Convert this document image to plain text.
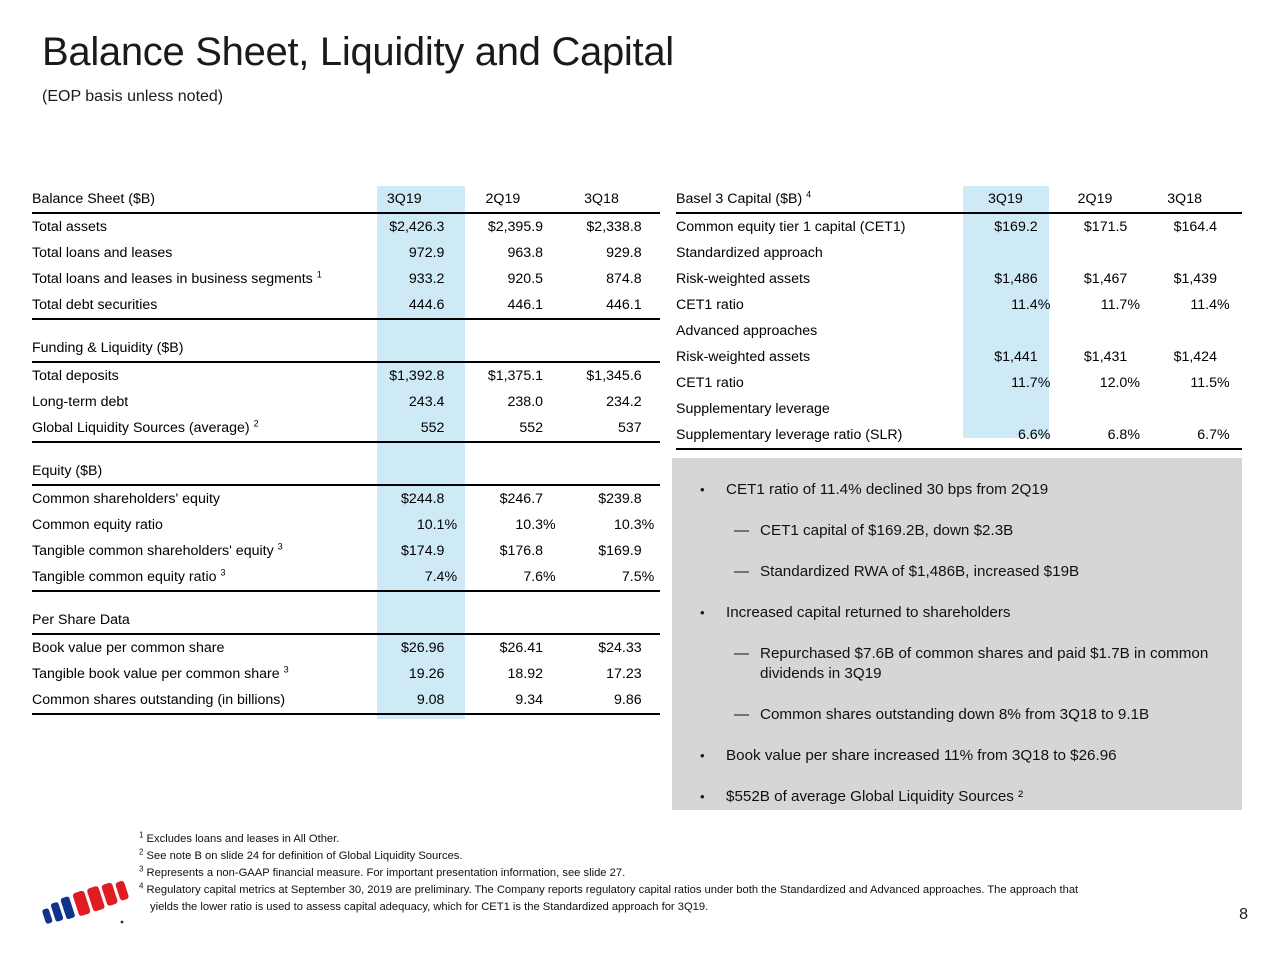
Balance Sheet, Liquidity and Capital
(EOP basis unless noted)
Balance Sheet ($B)	3Q19		2Q19		3Q18	
Total assets	$2,426.3		$2,395.9		$2,338.8	
Total loans and leases	972.9		963.8		929.8	
Total loans and leases in business segments $^1$	933.2		920.5		874.8	
Total debt securities	444.6		446.1		446.1	

Funding & Liquidity ($B)						
Total deposits	$1,392.8		$1,375.1		$1,345.6	
Long-term debt	243.4		238.0		234.2	
Global Liquidity Sources (average) $^2$	552		552		537	

Equity ($B)						
Common shareholders' equity	$244.8		$246.7		$239.8	
Common equity ratio	10.1	%	10.3	%	10.3	%
Tangible common shareholders' equity $^3$	$174.9		$176.8		$169.9	
Tangible common equity ratio $^3$	7.4	%	7.6	%	7.5	%

Per Share Data						
Book value per common share	$26.96		$26.41		$24.33	
Tangible book value per common share $^3$	19.26		18.92		17.23	
Common shares outstanding (in billions)	9.08		9.34		9.86	
Basel 3 Capital ($B) $^4$	3Q19		2Q19		3Q18	
Common equity tier 1 capital (CET1)	$169.2		$171.5		$164.4	
Standardized approach						
Risk-weighted assets	$1,486		$1,467		$1,439	
CET1 ratio	11.4	%	11.7	%	11.4	%
Advanced approaches						
Risk-weighted assets	$1,441		$1,431		$1,424	
CET1 ratio	11.7	%	12.0	%	11.5	%
Supplementary leverage						
Supplementary leverage ratio (SLR)	6.6	%	6.8	%	6.7	%
•	CET1 ratio of 11.4% declined 30 bps from 2Q19
— CET1 capital of $169.2B, down $2.3B
— Standardized RWA of $1,486B, increased $19B
•	Increased capital returned to shareholders
— Repurchased $7.6B of common shares and paid $1.7B in common dividends in 3Q19
— Common shares outstanding down 8% from 3Q18 to 9.1B
•	Book value per share increased 11% from 3Q18 to $26.96
•	$552B of average Global Liquidity Sources ²
$^1$ Excludes loans and leases in All Other.
$^2$ See note B on slide 24 for definition of Global Liquidity Sources.
$^3$ Represents a non-GAAP financial measure. For important presentation information, see slide 27.
$^4$ Regulatory capital metrics at September 30, 2019 are preliminary. The Company reports regulatory capital ratios under both the Standardized and Advanced approaches. The approach that
yields the lower ratio is used to assess capital adequacy, which for CET1 is the Standardized approach for 3Q19.	8
